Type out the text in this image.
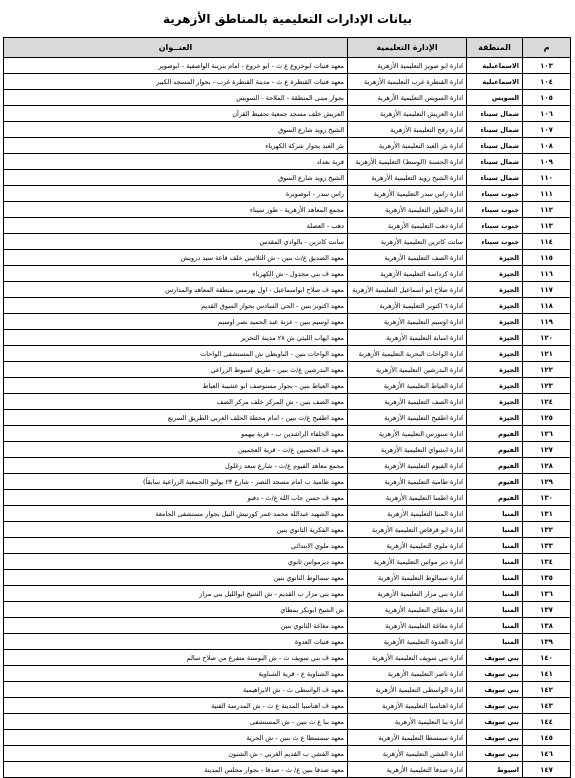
بيانات الإدارات التعليمية بالمناطق الأزهرية
م	المنطقة	الإدارة التعليمية	العنــوان
١٠٣	الاسماعيلية	ادارة ابو صوير التعليمية الأزهرية	معهد فتيات ابوخروع ع ث - ابو خروع - امام بنزينة الواصفية - ابوصوير
١٠٤	الاسماعيلية	ادارة القنطرة غرب التعليمية الأزهرية	معهد فتيات القنطرة ع ث - مدينة القنطرة غرب - بجوار المسجد الكبير
١٠٥	السويس	ادارة السويس التعليمية الأزهرية	بجوار مبنى المنطقة - الملاحة - السويس
١٠٦	شمال سيناء	ادارة العريش التعليمية الأزهرية	العريش خلف مسجد جمعية تحفيظ القرآن
١٠٧	شمال سيناء	ادارة رفح التعليمية الأزهرية	الشيخ زويد شارع السوق
١٠٨	شمال سيناء	ادارة بئر العبد التعليمية الأزهرية	بئر العبد بجوار شركة الكهرباء
١٠٩	شمال سيناء	ادارة الحسنة (الوسط) التعليمية الأزهرية	قرية بغداد
١١٠	شمال سيناء	ادارة الشيخ زويد التعليمية الأزهرية	الشيخ زويد شارع السوق
١١١	جنوب سيناء	ادارة راس سدر التعليمية الأزهرية	راس سدر - ابوصويرة
١١٢	جنوب سيناء	ادارة الطور التعليمية الأزهرية	مجمع المعاهد الأزهرية - طور سيناء
١١٣	جنوب سيناء	ادارة دهب التعليمية الأزهرية	دهب - العصلة
١١٤	جنوب سيناء	سانت كاترين التعليمية الأزهرية	سانت كاترين - بالوادي المقدس
١١٥	الجيزة	ادارة الصف التعليمية الأزهرية	معهد الصديق ع/ث بنين - ش الثلاثيني خلف قاعة سيد درويش
١١٦	الجيزة	ادارة كرداسة التعليمية الأزهرية	معهد ف بني مجدول - ش الكهرباء
١١٧	الجيزة	ادارة صلاح ابو اسماعيل التعليمية الأزهرية	معهد ف صلاح ابواسماعيل - اول بهرمس منطقة المعاهد والمدارس
١١٨	الجيزة	ادارة ٦ اكتوبر التعليمية الأزهرية	معهد اكتوبر بنين - الحي السادس بجوار السوق القديم
١١٩	الجيزة	ادارة اوسيم التعليمية الأزهرية	معهد اوسيم بنين - عزبة عبد الحميد نصر اوسيم
١٢٠	الجيزة	ادارة امبابة التعليمية الأزهرية	معهد ايهاب الليثي ش ٢٨ مدينة التحرير
١٢١	الجيزة	ادارة الواحات البحرية التعليمية الأزهرية	معهد الواحات بنين - الباويطي ش المستشفى الواحات
١٢٢	الجيزة	ادارة البدرشين التعليمية الأزهرية	معهد البدرشين ع/ث بنين - طريق اسيوط الزراعي
١٢٣	الجيزة	ادارة العياط التعليمية الأزهرية	معهد العياط بنين - بجوار مستوصف ابو عشيبة العياط
١٢٤	الجيزة	ادارة الصف التعليمية الأزهرية	معهد الصف بنين - ش المركز خلف مركز الصف
١٢٥	الجيزة	ادارة اطفيح التعليمية الأزهرية	معهد اطفيح ع/ث بنين - امام محطة الحلف الغربي الطريق السريع
١٢٦	الفيوم	ادارة سنورس التعليمية الأزهرية	معهد الخلفاء الراشدين ب - قرية بيهمو
١٢٧	الفيوم	ادارة ابشواي التعليمية الأزهرية	معهد ف العجميين ع/ث - قرية العجميين
١٢٨	الفيوم	ادارة الفيوم التعليمية الأزهرية	مجمع معاهد الفيوم ع/ث - شارع سعد زغلول
١٢٩	الفيوم	ادارة طامية التعليمية الأزهرية	معهد طامية ب امام مسجد النصر - شارع ٢٣ يوليو (الجمعية الزراعية سابقاً)
١٣٠	الفيوم	ادارة اطسا التعليمية الأزهرية	معهد ف حسن جاب الله ع/ث - دفنو
١٣١	المنيا	ادارة المنيا التعليمية الأزهرية	معهد الشهيد عبدالله محمد عمر كورنيش النيل بجوار مستشفى الجامعة
١٣٢	المنيا	ادارة ابو قرقاص التعليمية الأزهرية	معهد الفكرية الثانوي بنين
١٣٣	المنيا	ادارة ملوي التعليمية الأزهرية	معهد ملوي الابتدائي
١٣٤	المنيا	ادارة دير مواس التعليمية الأزهرية	معهد ديرمواس ثانوي
١٣٥	المنيا	ادارة سمالوط التعليمية الأزهرية	معهد سمالوط الثانوي بنين
١٣٦	المنيا	ادارة بني مزار التعليمية الأزهرية	معهد بني مزار ب القديم - ش الشيخ ابوالليل بني مزار
١٣٧	المنيا	ادارة مطاي التعليمية الأزهرية	ش الشيخ ابوبكر بمطاي
١٣٨	المنيا	ادارة مغاغة التعليمية الأزهرية	معهد مغاغة الثانوي بنين
١٣٩	المنيا	ادارة العدوة التعليمية الأزهرية	معهد فتيات العدوة
١٤٠	بني سويف	ادارة بني سويف التعليمية الأزهرية	معهد ف بني سويف ث - ش البوستة متفرع من صلاح سالم
١٤١	بني سويف	ادارة ناصر التعليمية الأزهرية	معهد الشناوية ع - قرية الشناوية
١٤٢	بني سويف	ادارة الواسطى التعليمية الأزهرية	معهد ف الواسطى ث - ش الابراهيمية
١٤٣	بني سويف	ادارة اهناسيا التعليمية الأزهرية	معهد ف اهناسيا المدينة ع ث - ش المدرسة الفنية
١٤٤	بني سويف	ادارة ببا التعليمية الأزهرية	معهد ببا ع ث بنين - ش المستشفى
١٤٥	بني سويف	ادارة سمسطا التعليمية الأزهرية	معهد سمسطا ع ث بنين - ش الحرية
١٤٦	بني سويف	ادارة الفشن التعليمية الأزهرية	معهد الفشن ب القديم الغربي - ش الشنون
١٤٧	اسيوط	ادارة صدفا التعليمية الأزهرية	معهد صدفا بنين ع/ ث - صدفا - بجوار مجلس المدينة
